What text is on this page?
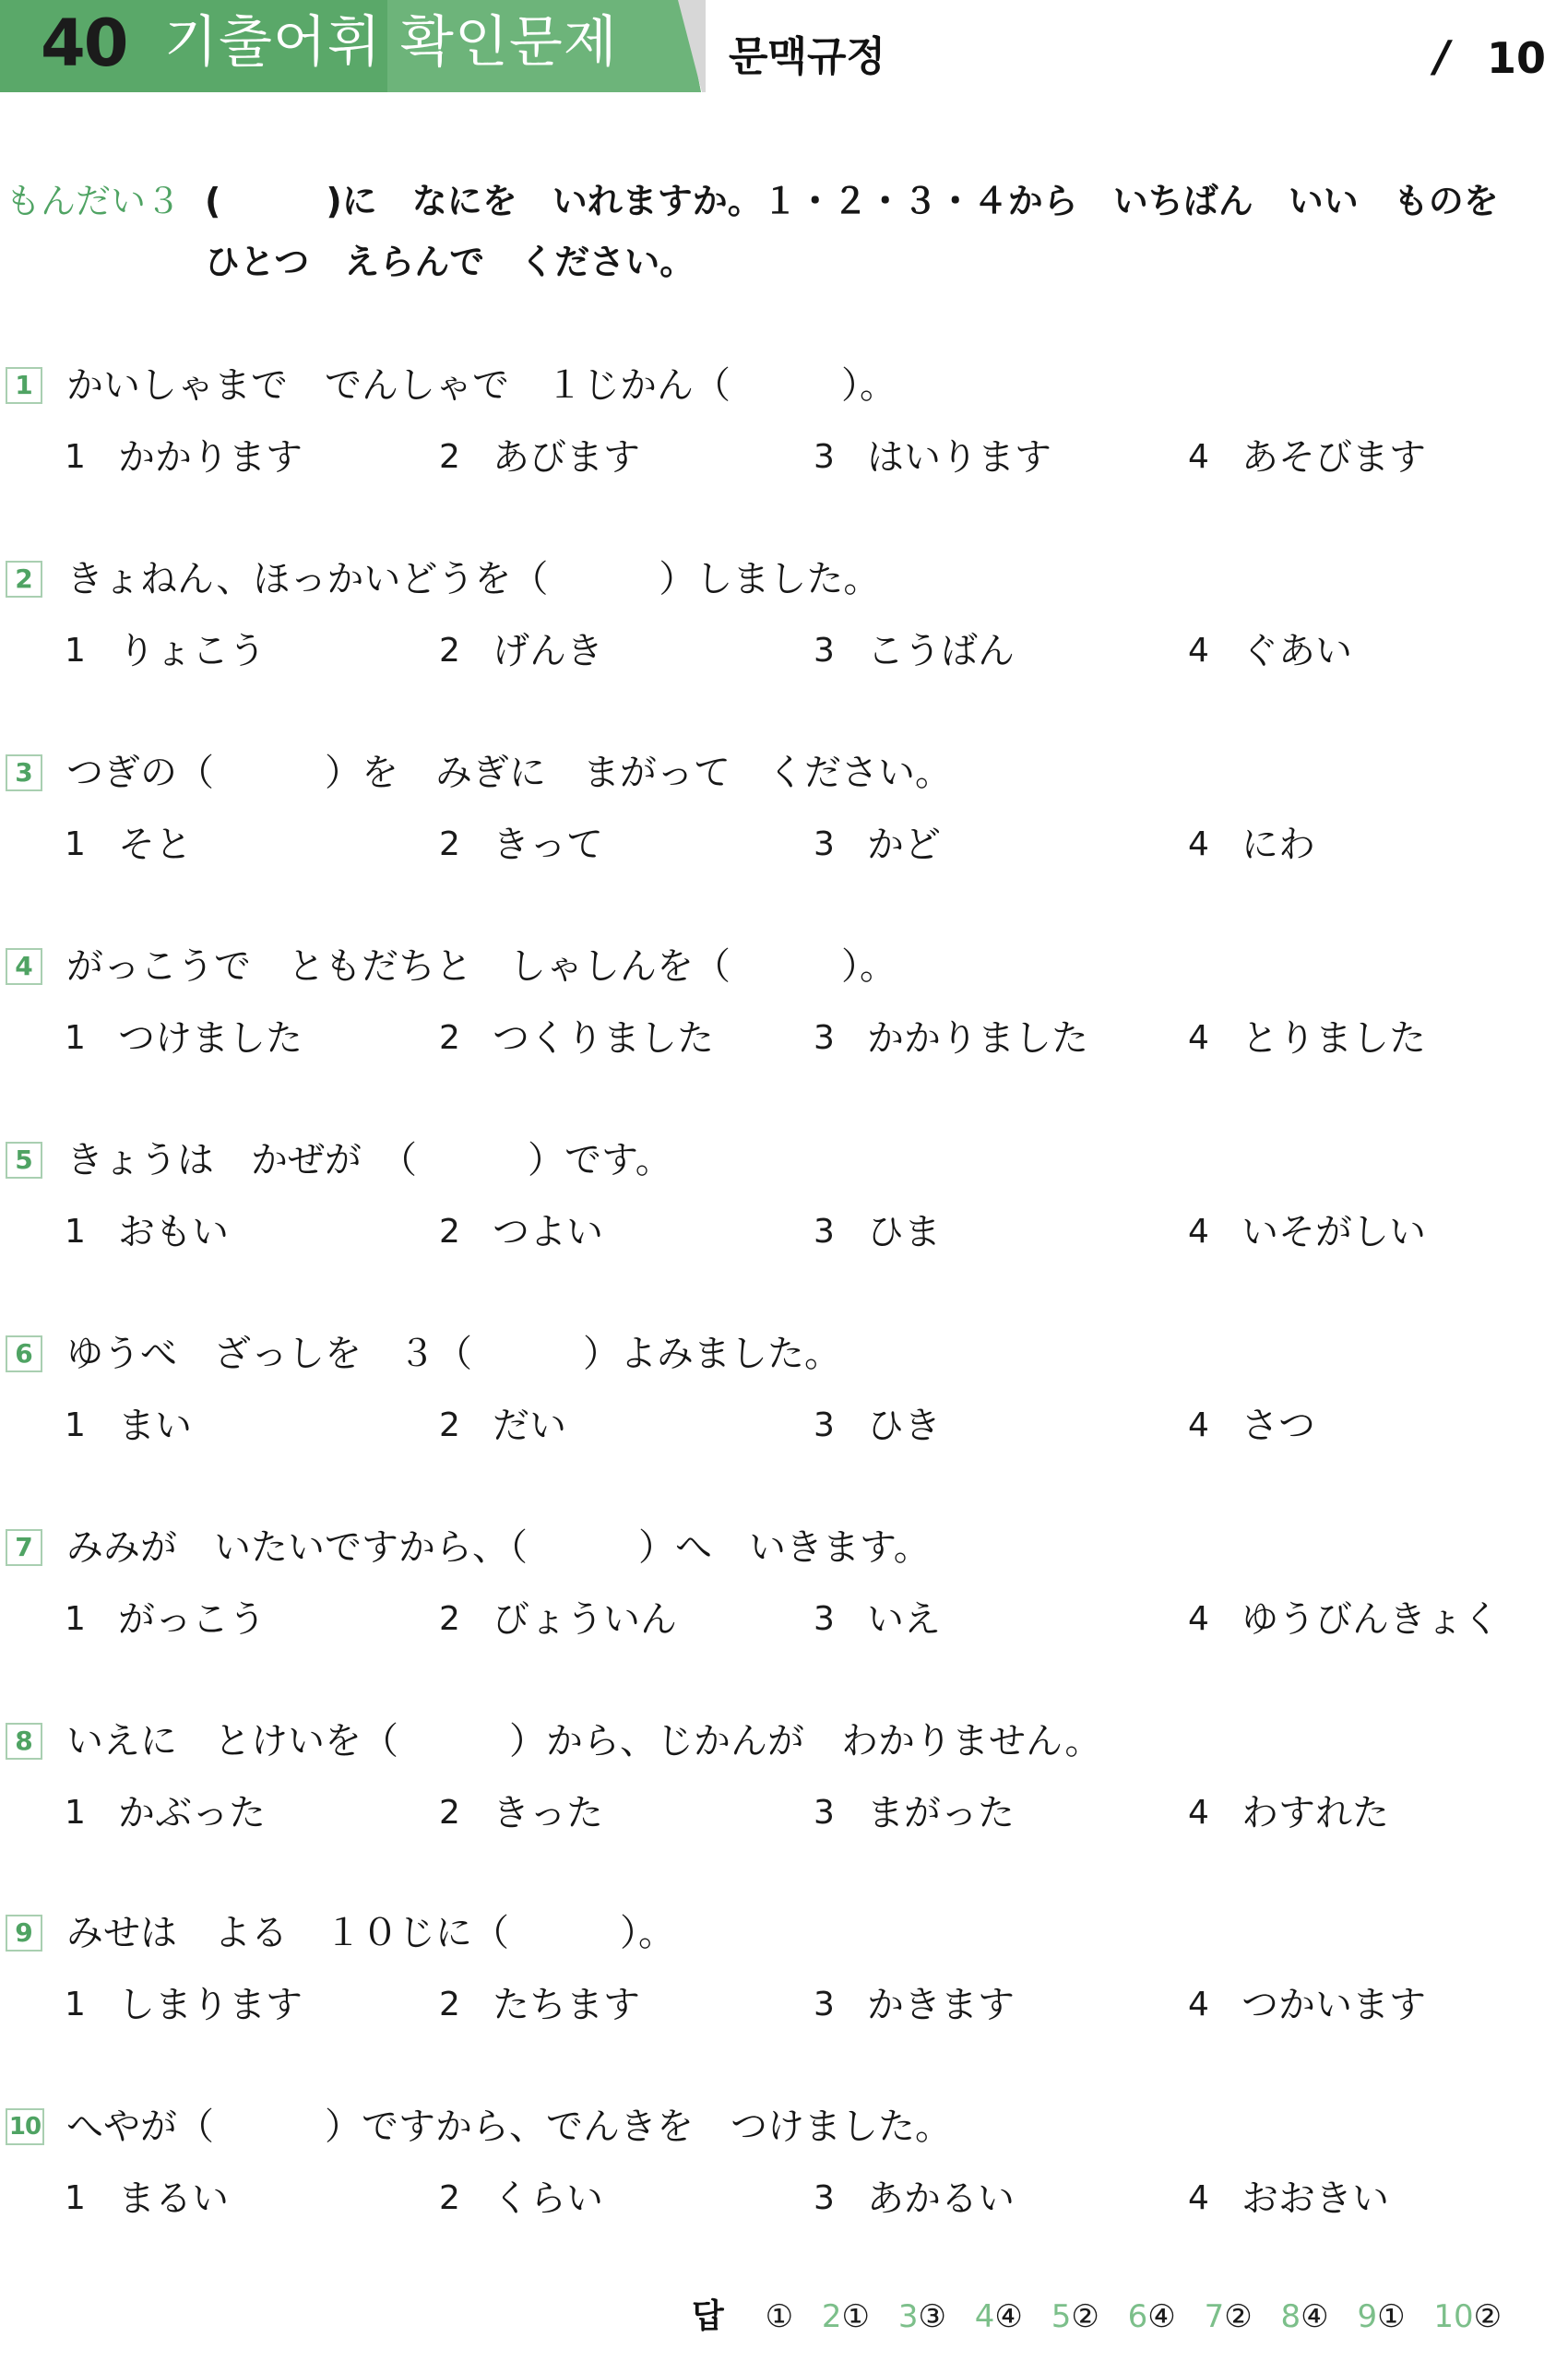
40 기출어휘 확인문제	문맥규정	/ 10
もんだい３ (　　　)に　なにを　いれますか。１・２・３・４から　いちばん　いい　ものを
ひとつ　えらんで　ください。
1 かいしゃまで　でんしゃで　１じかん（　　　）。
1 かかります	2 あびます	3 はいります	4 あそびます
2 きょねん、ほっかいどうを（　　　）しました。
1 りょこう	2 げんき	3 こうばん	4 ぐあい
3 つぎの（　　　）を　みぎに　まがって　ください。
1 そと	2 きって	3 かど	4 にわ
4 がっこうで　ともだちと　しゃしんを（　　　）。
1 つけました	2 つくりました	3 かかりました	4 とりました
5 きょうは　かぜが　（　　　）です。
1 おもい	2 つよい	3 ひま	4 いそがしい
6 ゆうべ　ざっしを　３（　　　）よみました。
1 まい	2 だい	3 ひき	4 さつ
7 みみが　いたいですから、（　　　）へ　いきます。
1 がっこう	2 びょういん	3 いえ	4 ゆうびんきょく
8 いえに　とけいを（　　　）から、じかんが　わかりません。
1 かぶった	2 きった	3 まがった	4 わすれた
9 みせは　よる　１０じに（　　　）。
1 しまります	2 たちます	3 かきます	4 つかいます
10 へやが（　　　）ですから、でんきを　つけました。
1 まるい	2 くらい	3 あかるい	4 おおきい
답 ① 2① 3③ 4④ 5② 6④ 7② 8④ 9① 10②
